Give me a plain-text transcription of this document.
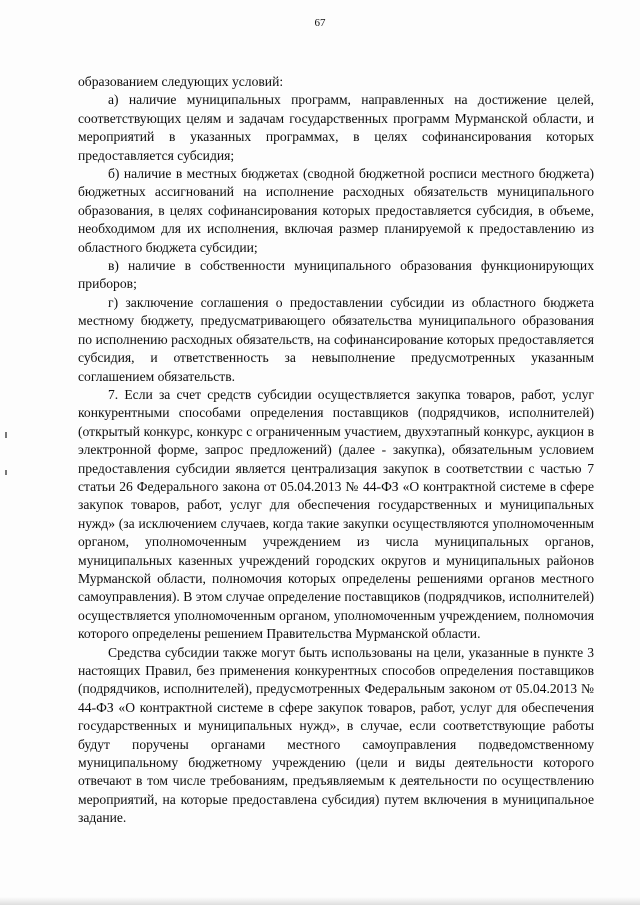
67

образованием следующих условий:

а) наличие муниципальных программ, направленных на достижение целей, соответствующих целям и задачам государственных программ Мурманской области, и мероприятий в указанных программах, в целях софинансирования которых предоставляется субсидия;

б) наличие в местных бюджетах (сводной бюджетной росписи местного бюджета) бюджетных ассигнований на исполнение расходных обязательств муниципального образования, в целях софинансирования которых предоставляется субсидия, в объеме, необходимом для их исполнения, включая размер планируемой к предоставлению из областного бюджета субсидии;

в) наличие в собственности муниципального образования функционирующих приборов;

г) заключение соглашения о предоставлении субсидии из областного бюджета местному бюджету, предусматривающего обязательства муниципального образования по исполнению расходных обязательств, на софинансирование которых предоставляется субсидия, и ответственность за невыполнение предусмотренных указанным соглашением обязательств.

7. Если за счет средств субсидии осуществляется закупка товаров, работ, услуг конкурентными способами определения поставщиков (подрядчиков, исполнителей) (открытый конкурс, конкурс с ограниченным участием, двухэтапный конкурс, аукцион в электронной форме, запрос предложений) (далее - закупка), обязательным условием предоставления субсидии является централизация закупок в соответствии с частью 7 статьи 26 Федерального закона от 05.04.2013 № 44-ФЗ «О контрактной системе в сфере закупок товаров, работ, услуг для обеспечения государственных и муниципальных нужд» (за исключением случаев, когда такие закупки осуществляются уполномоченным органом, уполномоченным учреждением из числа муниципальных органов, муниципальных казенных учреждений городских округов и муниципальных районов Мурманской области, полномочия которых определены решениями органов местного самоуправления). В этом случае определение поставщиков (подрядчиков, исполнителей) осуществляется уполномоченным органом, уполномоченным учреждением, полномочия которого определены решением Правительства Мурманской области.

Средства субсидии также могут быть использованы на цели, указанные в пункте 3 настоящих Правил, без применения конкурентных способов определения поставщиков (подрядчиков, исполнителей), предусмотренных Федеральным законом от 05.04.2013 № 44-ФЗ «О контрактной системе в сфере закупок товаров, работ, услуг для обеспечения государственных и муниципальных нужд», в случае, если соответствующие работы будут поручены органами местного самоуправления подведомственному муниципальному бюджетному учреждению (цели и виды деятельности которого отвечают в том числе требованиям, предъявляемым к деятельности по осуществлению мероприятий, на которые предоставлена субсидия) путем включения в муниципальное задание.
